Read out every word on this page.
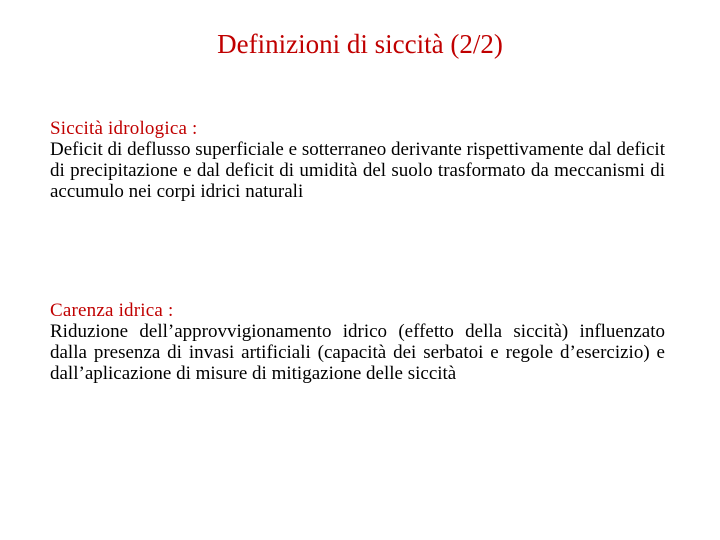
Definizioni di siccità (2/2)
Siccità idrologica :

Deficit di deflusso superficiale e sotterraneo derivante rispettivamente dal deficit di precipitazione e dal deficit di umidità del suolo trasformato da meccanismi di accumulo nei corpi idrici naturali

Carenza idrica :

Riduzione dell’approvvigionamento idrico (effetto della siccità) influenzato dalla presenza di invasi artificiali (capacità dei serbatoi e regole d’esercizio) e dall’aplicazione di misure di mitigazione delle siccità
